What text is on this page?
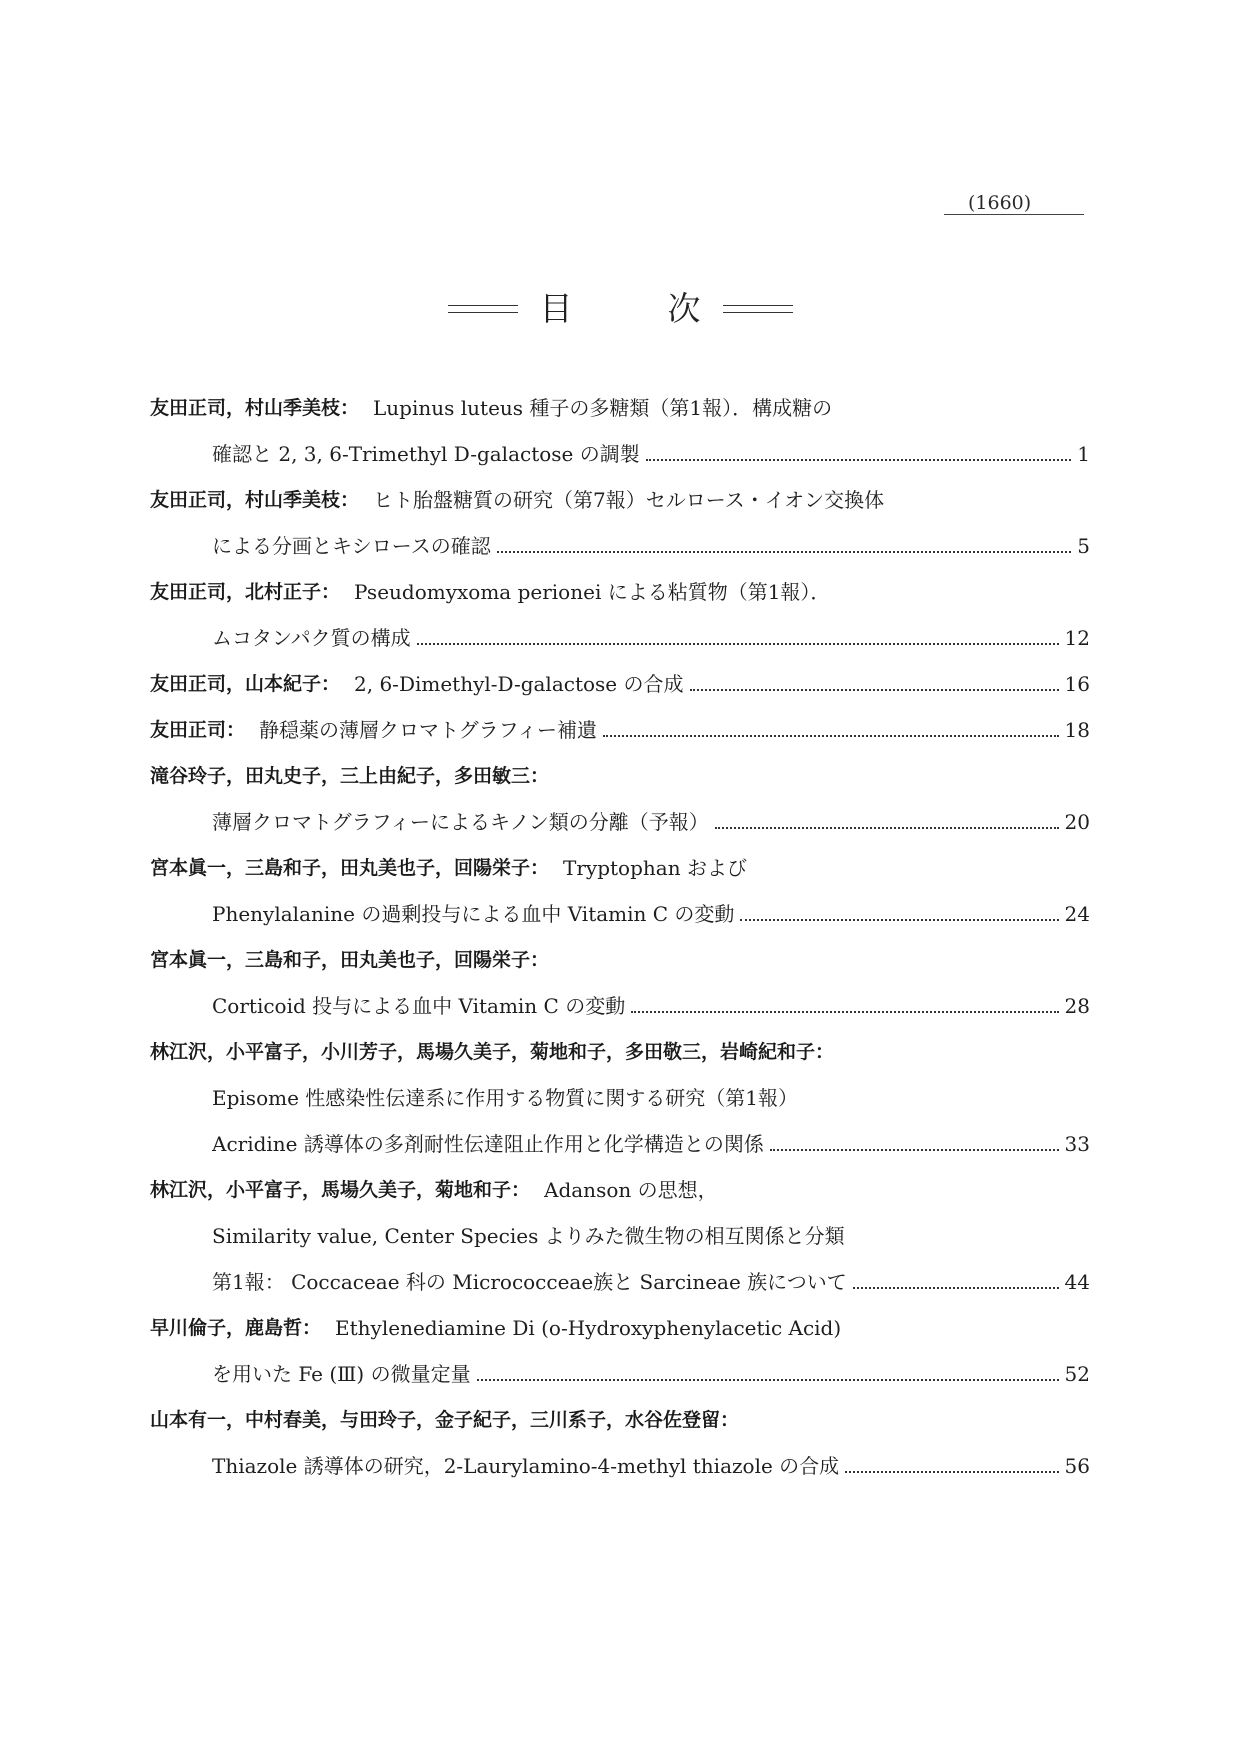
(1660)
目	次
友田正司，村山季美枝： Lupinus luteus 種子の多糖類（第1報）．構成糖の
確認と 2, 3, 6-Trimethyl D-galactose の調製	1
友田正司，村山季美枝： ヒト胎盤糖質の研究（第7報）セルロース・イオン交換体
による分画とキシロースの確認	5
友田正司，北村正子： Pseudomyxoma perionei による粘質物（第1報）．
ムコタンパク質の構成	12
友田正司，山本紀子： 2, 6-Dimethyl-D-galactose の合成	16
友田正司： 静穏薬の薄層クロマトグラフィー補遺	18
滝谷玲子，田丸史子，三上由紀子，多田敏三：
薄層クロマトグラフィーによるキノン類の分離（予報）	20
宮本眞一，三島和子，田丸美也子，回陽栄子： Tryptophan および
Phenylalanine の過剰投与による血中 Vitamin C の変動	24
宮本眞一，三島和子，田丸美也子，回陽栄子：
Corticoid 投与による血中 Vitamin C の変動	28
林江沢，小平富子，小川芳子，馬場久美子，菊地和子，多田敬三，岩崎紀和子：
Episome 性感染性伝達系に作用する物質に関する研究（第1報）
Acridine 誘導体の多剤耐性伝達阻止作用と化学構造との関係	33
林江沢，小平富子，馬場久美子，菊地和子： Adanson の思想，
Similarity value, Center Species よりみた微生物の相互関係と分類
第1報： Coccaceae 科の Micrococceae族と Sarcineae 族について	44
早川倫子，鹿島哲： Ethylenediamine Di (o-Hydroxyphenylacetic Acid)
を用いた Fe (Ⅲ) の微量定量	52
山本有一，中村春美，与田玲子，金子紀子，三川系子，水谷佐登留：
Thiazole 誘導体の研究，2-Laurylamino-4-methyl thiazole の合成	56
